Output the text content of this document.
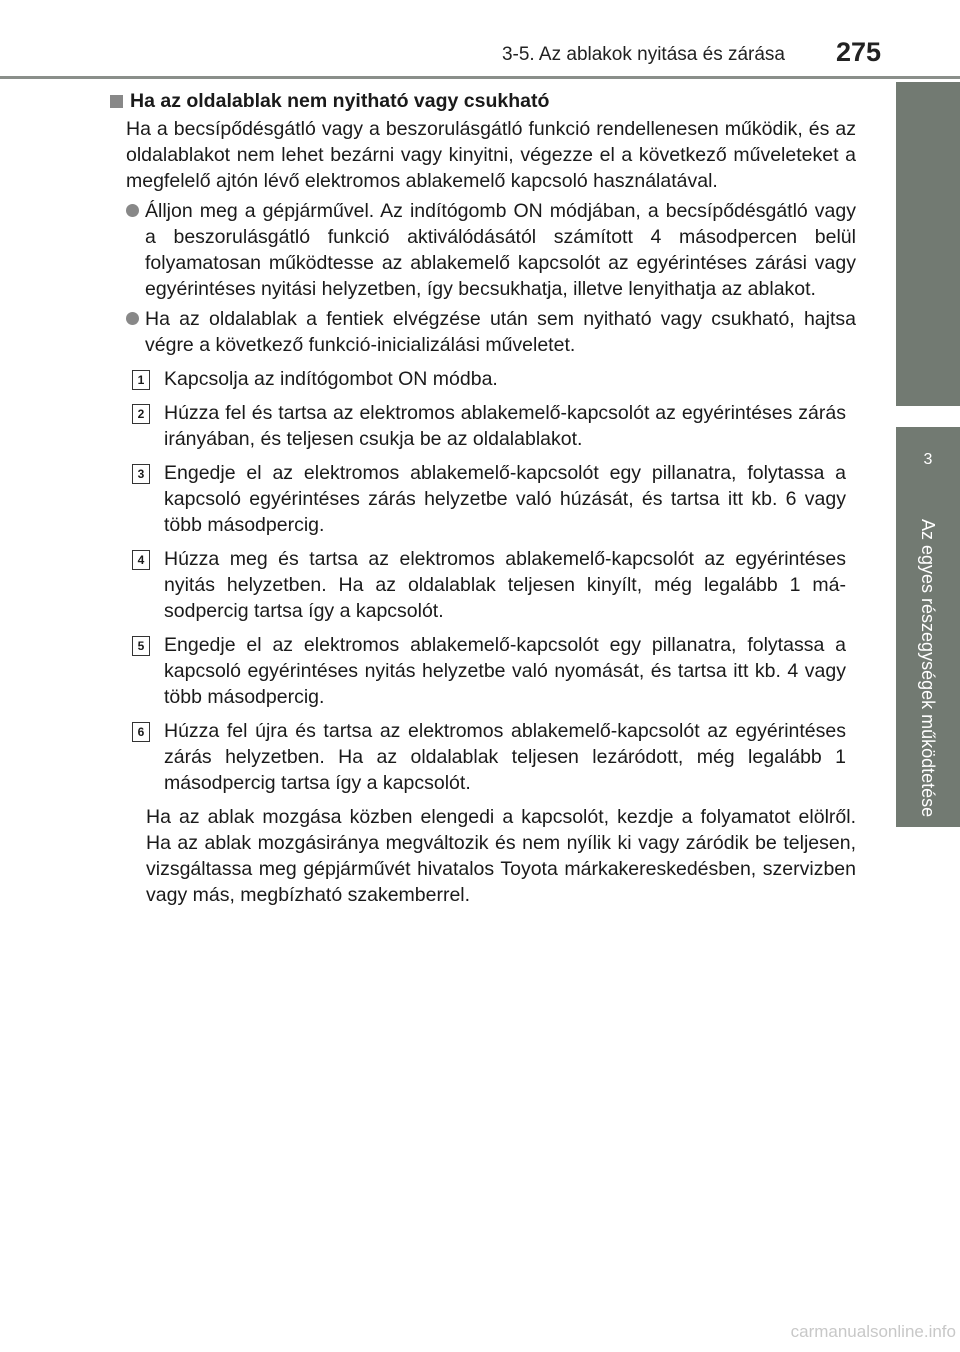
3-5. Az ablakok nyitása és zárása 275
3
Az egyes részegységek működtetése
Ha az oldalablak nem nyitható vagy csukható
Ha a becsípődésgátló vagy a beszorulásgátló funkció rendellenesen működik, és az oldalablakot nem lehet bezárni vagy kinyitni, végezze el a következő műveleteket a megfelelő ajtón lévő elektromos ablakemelő kapcsoló használatával.
Álljon meg a gépjárművel. Az indítógomb ON módjában, a becsípődésgátló vagy a beszorulásgátló funkció aktiválódásától számított 4 másodpercen belül folyamatosan működtesse az ablakemelő kapcsolót az egyérintéses zárási vagy egyérintéses nyitási helyzetben, így becsukhatja, illetve lenyithatja az ablakot.
Ha az oldalablak a fentiek elvégzése után sem nyitható vagy csukható, hajtsa végre a következő funkció-inicializálási műveletet.
1 Kapcsolja az indítógombot ON módba.
2 Húzza fel és tartsa az elektromos ablakemelő-kapcsolót az egyérintéses zárás irányában, és teljesen csukja be az oldalablakot.
3 Engedje el az elektromos ablakemelő-kapcsolót egy pillanatra, folytassa a kapcsoló egyérintéses zárás helyzetbe való húzását, és tartsa itt kb. 6 vagy több másodpercig.
4 Húzza meg és tartsa az elektromos ablakemelő-kapcsolót az egyérintéses nyitás helyzetben. Ha az oldalablak teljesen kinyílt, még legalább 1 másodpercig tartsa így a kapcsolót.
5 Engedje el az elektromos ablakemelő-kapcsolót egy pillanatra, folytassa a kapcsoló egyérintéses nyitás helyzetbe való nyomását, és tartsa itt kb. 4 vagy több másodpercig.
6 Húzza fel újra és tartsa az elektromos ablakemelő-kapcsolót az egyérintéses zárás helyzetben. Ha az oldalablak teljesen lezáródott, még legalább 1 másodpercig tartsa így a kapcsolót.
Ha az ablak mozgása közben elengedi a kapcsolót, kezdje a folyamatot elölről. Ha az ablak mozgásiránya megváltozik és nem nyílik ki vagy záródik be teljesen, vizsgáltassa meg gépjárművét hivatalos Toyota márkakereskedésben, szervizben vagy más, megbízható szakemberrel.
carmanualsonline.info
